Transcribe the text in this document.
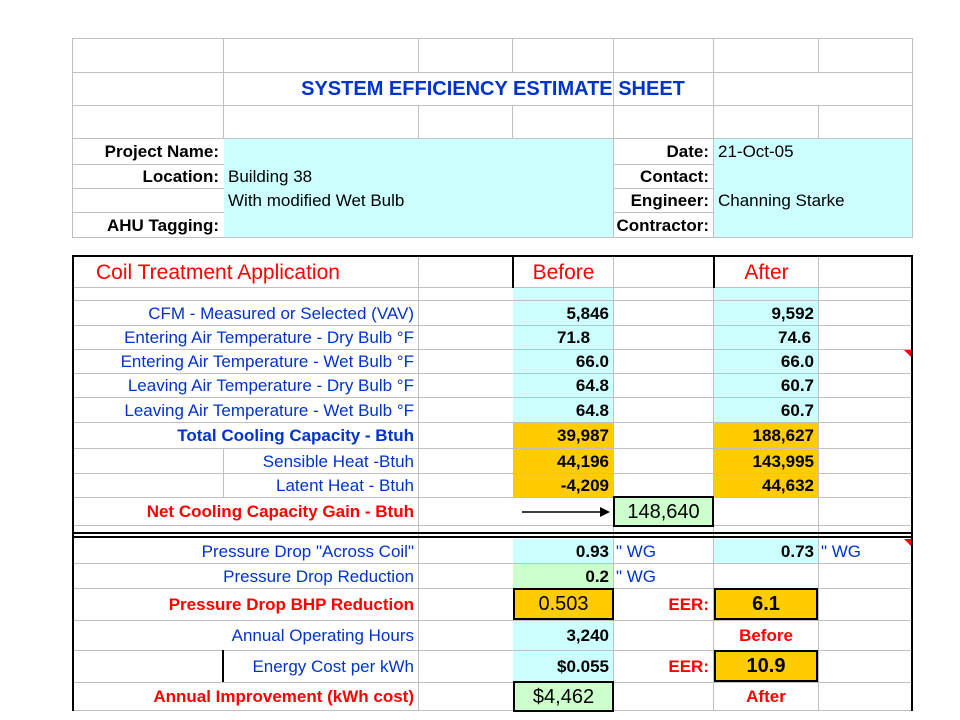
SYSTEM EFFICIENCY ESTIMATE SHEET
Project Name:
Location: Building 38
With modified Wet Bulb
AHU Tagging:
Date: 21-Oct-05
Contact:
Engineer: Channing Starke
Contractor:
Coil Treatment Application	Before	After
CFM - Measured or Selected (VAV)	5,846	9,592
Entering Air Temperature - Dry Bulb °F	71.8	74.6
Entering Air Temperature - Wet Bulb °F	66.0	66.0
Leaving Air Temperature - Dry Bulb °F	64.8	60.7
Leaving Air Temperature - Wet Bulb °F	64.8	60.7
Total Cooling Capacity - Btuh	39,987	188,627
Sensible Heat -Btuh	44,196	143,995
Latent Heat - Btuh	-4,209	44,632
Net Cooling Capacity Gain - Btuh	148,640
Pressure Drop "Across Coil"	0.93 " WG	0.73 " WG
Pressure Drop Reduction	0.2 " WG
Pressure Drop BHP Reduction	0.503	EER:	6.1
Annual Operating Hours	3,240	Before
Energy Cost per kWh	$0.055	EER:	10.9
Annual Improvement (kWh cost)	$4,462	After
